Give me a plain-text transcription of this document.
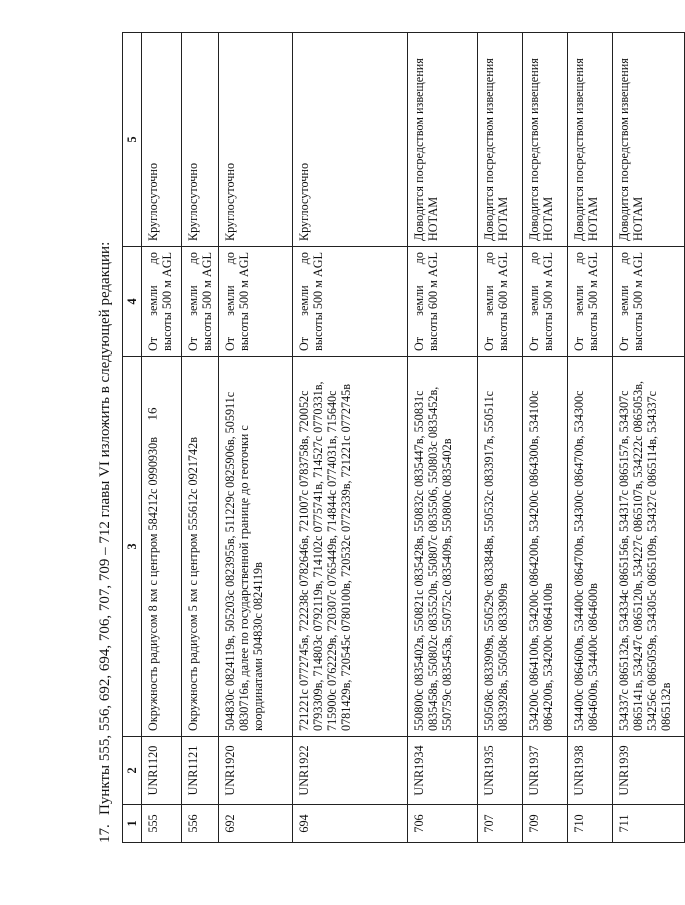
16
17.Пункты 555, 556, 692, 694, 706, 707, 709 – 712 главы VI изложить в следующей редакции:
1	2	3	4	5
555	UNR1120	Окружность радиусом 8 км с центром 584212с 0990930в	От земли до высоты 500 м AGL	Круглосуточно
556	UNR1121	Окружность радиусом 5 км с центром 555612с 0921742в	От земли до высоты 500 м AGL	Круглосуточно
692	UNR1920	504830с 0824119в, 505203с 0823955в, 511229с 0825906в, 505911с 0830716в, далее по государственной границе до геоточки с координатами 504830с 0824119в	От земли до высоты 500 м AGL	Круглосуточно
694	UNR1922	721221с 0772745в, 722238с 0782646в, 721007с 0783758в, 720052с 0793309в, 714803с 0792119в, 714102с 0775741в, 714527с 0770331в, 715900с 0762229в, 720307с 0765449в, 714844с 0774031в, 715640с 0781429в, 720545с 0780100в, 720532с 0772339в, 721221с 0772745в	От земли до высоты 500 м AGL	Круглосуточно
706	UNR1934	550800с 0835402в, 550821с 0835428в, 550832с 0835447в, 550831с 0835458в, 550802с 0835520в, 550807с 0835506, 550803с 0835452в, 550759с 0835453в, 550752с 0835409в, 550800с 0835402в	От земли до высоты 600 м AGL	Доводится посредством извещения НОТАМ
707	UNR1935	550508с 0833909в, 550529с 0833848в, 550532с 0833917в, 550511с 0833928в, 550508с 0833909в	От земли до высоты 600 м AGL	Доводится посредством извещения НОТАМ
709	UNR1937	534200с 0864100в, 534200с 0864200в, 534200с 0864300в, 534100с 0864200в, 534200с 0864100в	От земли до высоты 500 м AGL	Доводится посредством извещения НОТАМ
710	UNR1938	534400с 0864600в, 534400с 0864700в, 534300с 0864700в, 534300с 0864600в, 534400с 0864600в	От земли до высоты 500 м AGL	Доводится посредством извещения НОТАМ
711	UNR1939	534337с 0865132в, 534334с 0865156в, 534317с 0865157в, 534307с 0865141в, 534247с 0865120в, 534227с 0865107в, 534222с 0865053в, 534256с 0865059в, 534305с 0865109в, 534327с 0865114в, 534337с 0865132в	От земли до высоты 500 м AGL	Доводится посредством извещения НОТАМ
